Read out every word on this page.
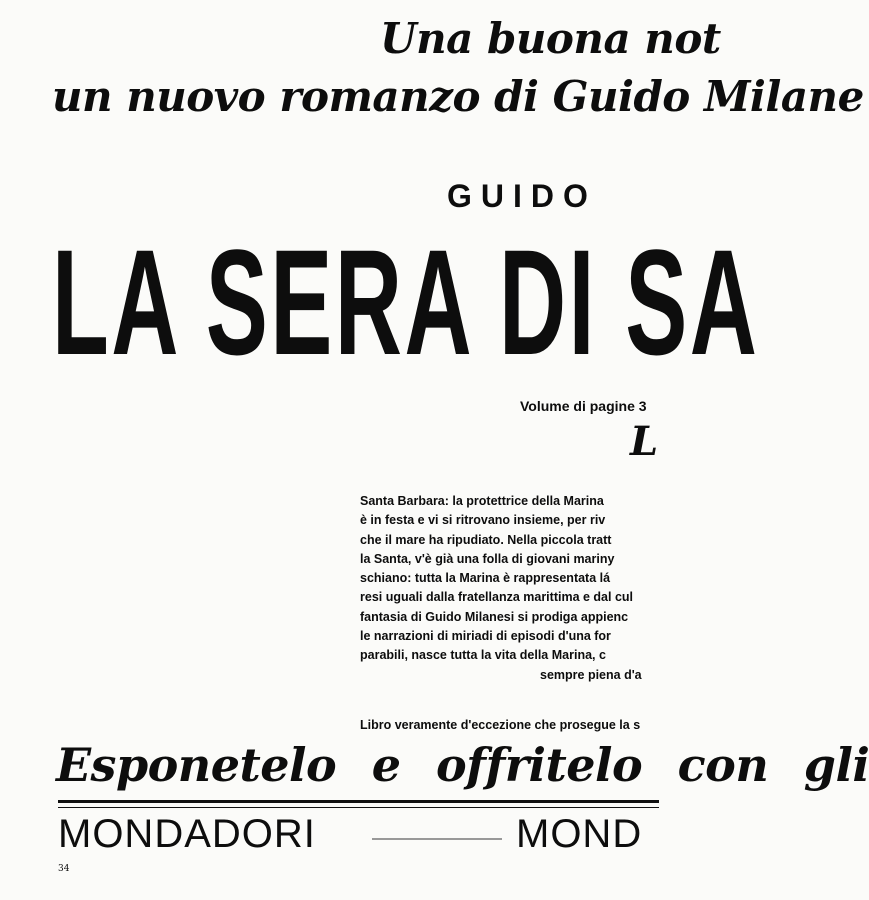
Una buona not
un nuovo romanzo di Guido Milane
GUIDO
LA SERA DI SA
Volume di pagine 3
L
Santa Barbara: la protettrice della Marina
è in festa e vi si ritrovano insieme, per riv
che il mare ha ripudiato. Nella piccola tratt
la Santa, v'è già una folla di giovani mariny
schiano: tutta la Marina è rappresentata lá
resi uguali dalla fratellanza marittima e dal cul
fantasia di Guido Milanesi si prodiga appienc
le narrazioni di miriadi di episodi d'una for
parabili, nasce tutta la vita della Marina, c
sempre piena d'a
Libro veramente d'eccezione che prosegue la s
Esponetelo e offritelo con gli
MONDADORI	MOND
34
